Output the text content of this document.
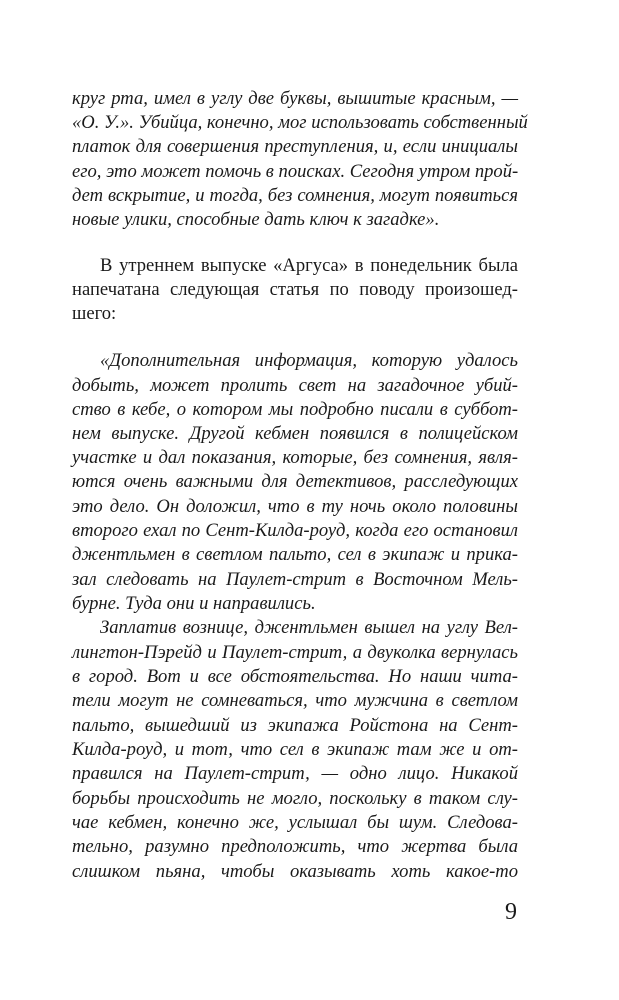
круг рта, имел в углу две буквы, вышитые красным, —
«О. У.». Убийца, конечно, мог использовать собственный
платок для совершения преступления, и, если инициалы
его, это может помочь в поисках. Сегодня утром прой-
дет вскрытие, и тогда, без сомнения, могут появиться
новые улики, способные дать ключ к загадке».
В утреннем выпуске «Аргуса» в понедельник была
напечатана следующая статья по поводу произошед-
шего:
«Дополнительная информация, которую удалось
добыть, может пролить свет на загадочное убий-
ство в кебе, о котором мы подробно писали в суббот-
нем выпуске. Другой кебмен появился в полицейском
участке и дал показания, которые, без сомнения, явля-
ются очень важными для детективов, расследующих
это дело. Он доложил, что в ту ночь около половины
второго ехал по Сент-Килда-роуд, когда его остановил
джентльмен в светлом пальто, сел в экипаж и прика-
зал следовать на Паулет-стрит в Восточном Мель-
бурне. Туда они и направились.
Заплатив вознице, джентльмен вышел на углу Вел-
лингтон-Пэрейд и Паулет-стрит, а двуколка вернулась
в город. Вот и все обстоятельства. Но наши чита-
тели могут не сомневаться, что мужчина в светлом
пальто, вышедший из экипажа Ройстона на Сент-
Килда-роуд, и тот, что сел в экипаж там же и от-
правился на Паулет-стрит, — одно лицо. Никакой
борьбы происходить не могло, поскольку в таком слу-
чае кебмен, конечно же, услышал бы шум. Следова-
тельно, разумно предположить, что жертва была
слишком пьяна, чтобы оказывать хоть какое-то
9
